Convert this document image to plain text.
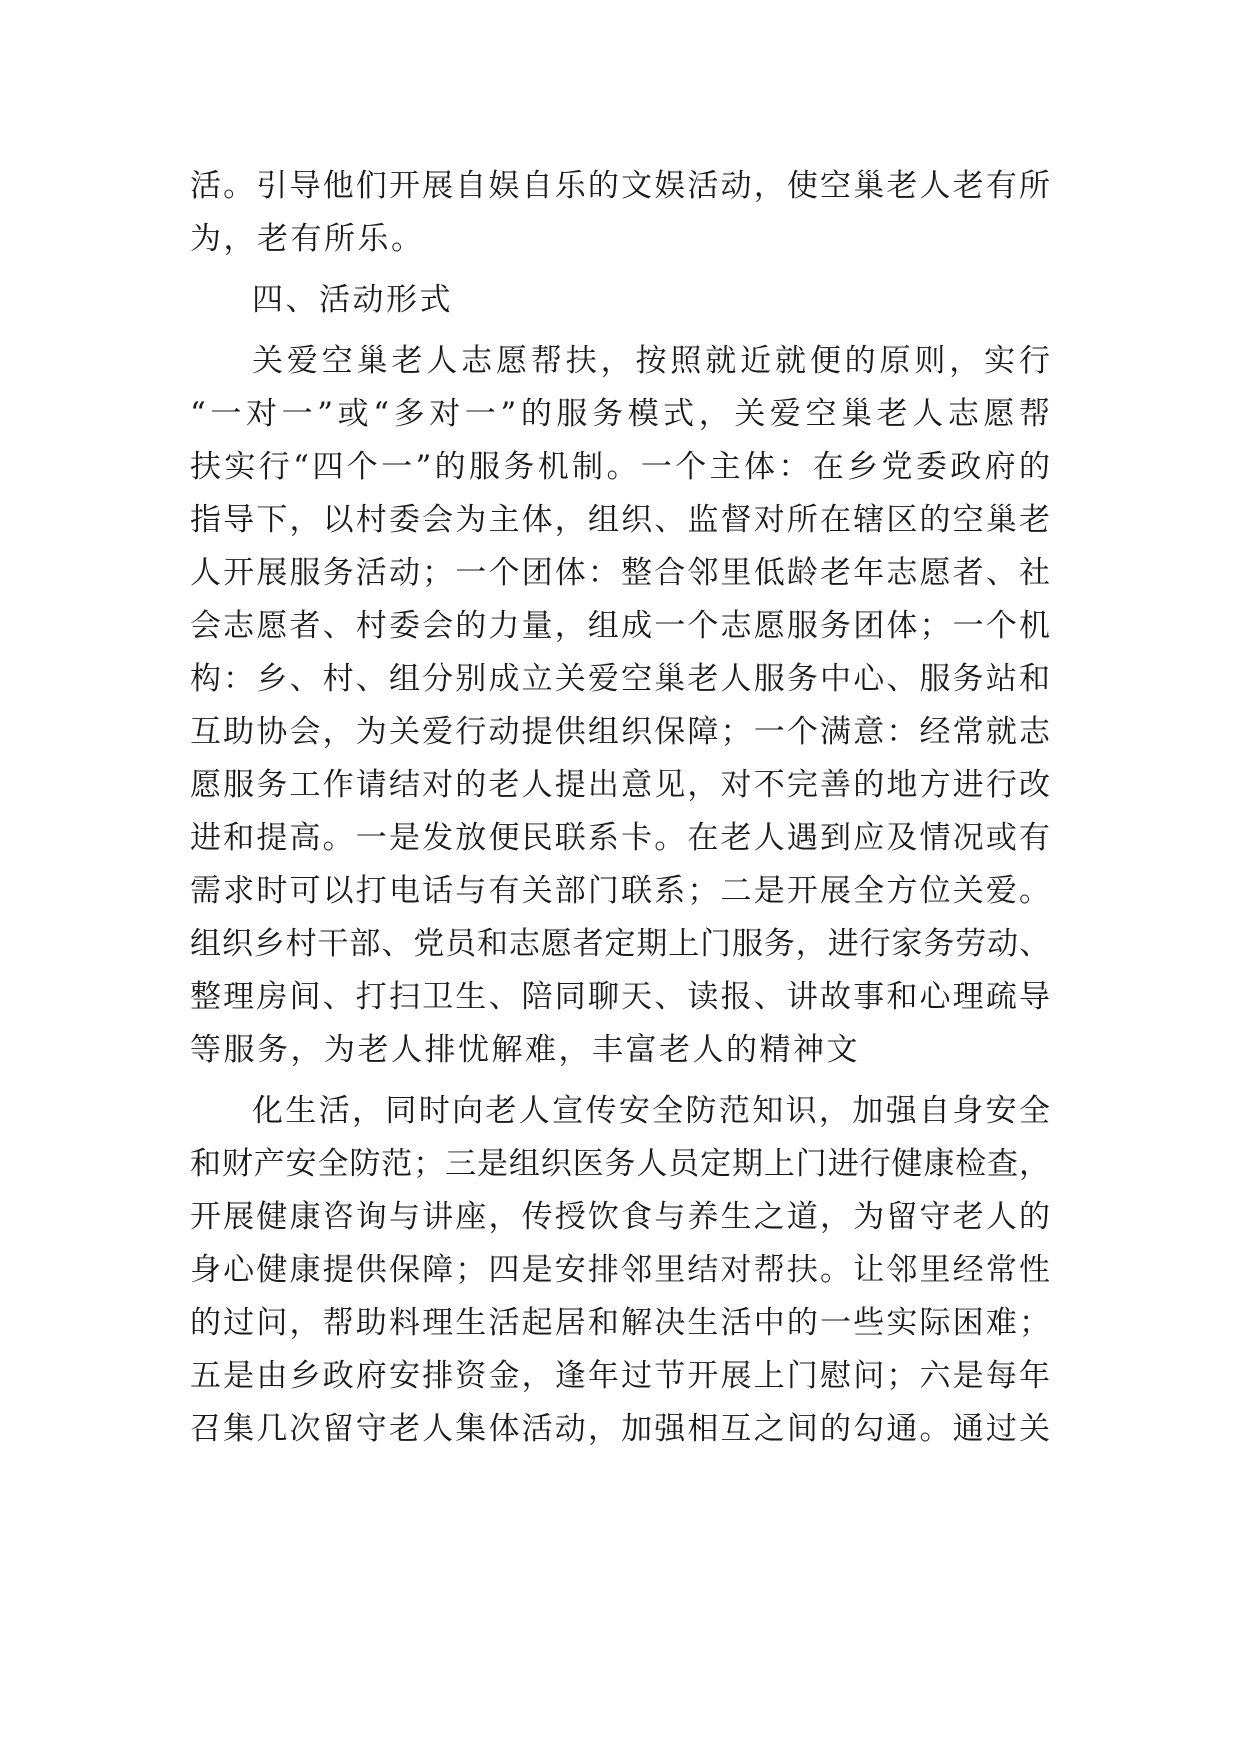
活。引导他们开展自娱自乐的文娱活动，使空巢老人老有所
为，老有所乐。
四、活动形式
关爱空巢老人志愿帮扶，按照就近就便的原则，实行
“一对一”或“多对一”的服务模式，关爱空巢老人志愿帮
扶实行“四个一”的服务机制。一个主体：在乡党委政府的
指导下，以村委会为主体，组织、监督对所在辖区的空巢老
人开展服务活动；一个团体：整合邻里低龄老年志愿者、社
会志愿者、村委会的力量，组成一个志愿服务团体；一个机
构：乡、村、组分别成立关爱空巢老人服务中心、服务站和
互助协会，为关爱行动提供组织保障；一个满意：经常就志
愿服务工作请结对的老人提出意见，对不完善的地方进行改
进和提高。一是发放便民联系卡。在老人遇到应及情况或有
需求时可以打电话与有关部门联系；二是开展全方位关爱。
组织乡村干部、党员和志愿者定期上门服务，进行家务劳动、
整理房间、打扫卫生、陪同聊天、读报、讲故事和心理疏导
等服务，为老人排忧解难，丰富老人的精神文
化生活，同时向老人宣传安全防范知识，加强自身安全
和财产安全防范；三是组织医务人员定期上门进行健康检查，
开展健康咨询与讲座，传授饮食与养生之道，为留守老人的
身心健康提供保障；四是安排邻里结对帮扶。让邻里经常性
的过问，帮助料理生活起居和解决生活中的一些实际困难；
五是由乡政府安排资金，逢年过节开展上门慰问；六是每年
召集几次留守老人集体活动，加强相互之间的勾通。通过关
